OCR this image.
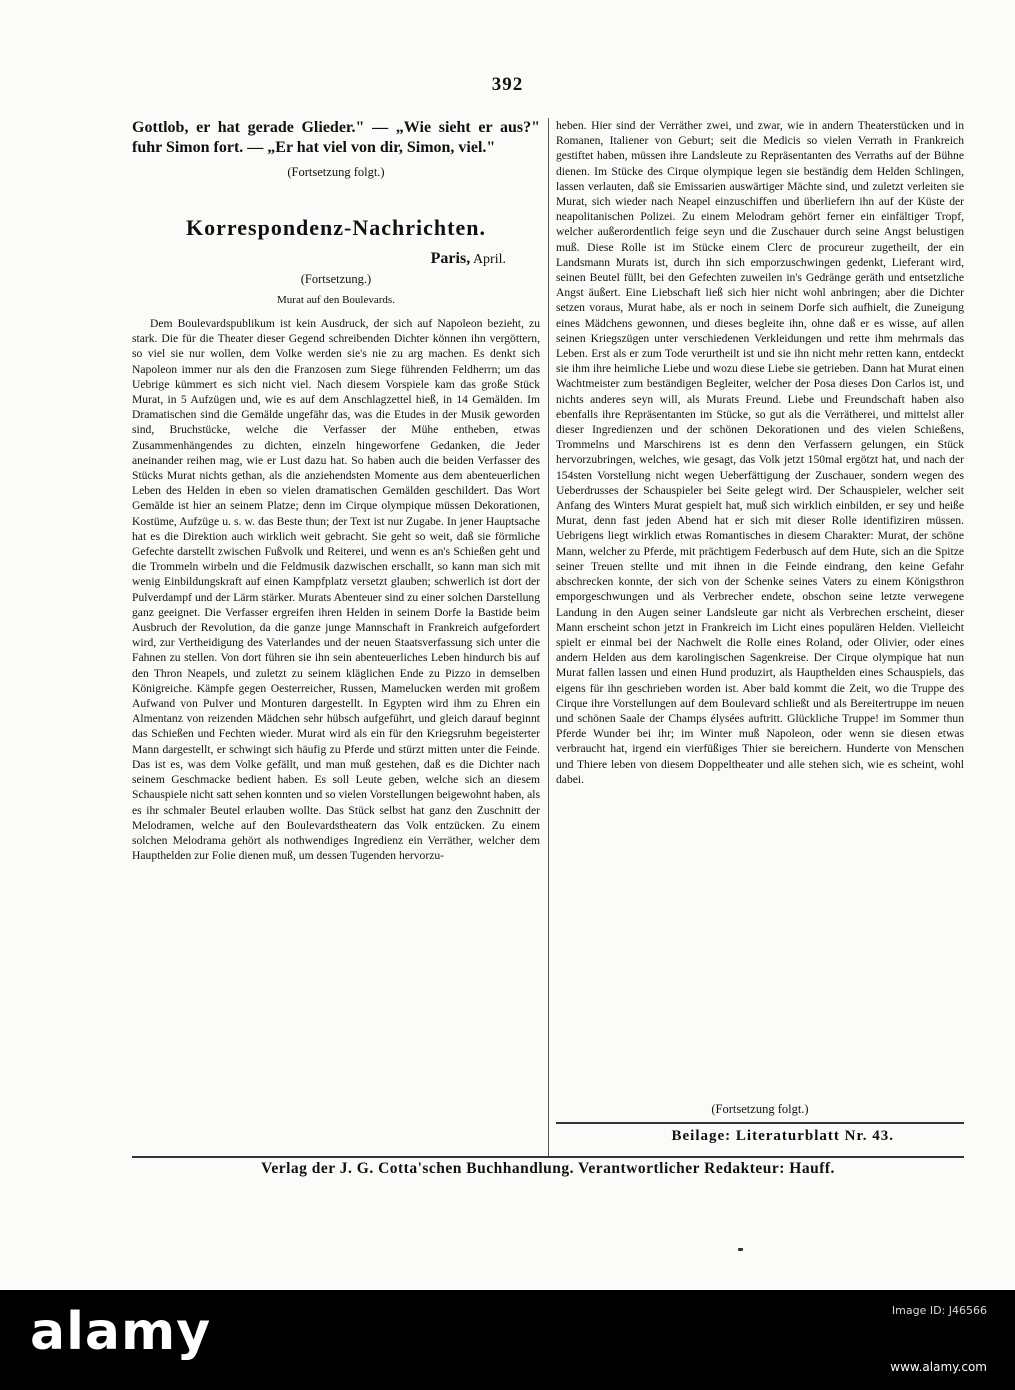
392
Gottlob, er hat gerade Glieder." — „Wie sieht er aus?" fuhr Simon fort. — „Er hat viel von dir, Simon, viel."
(Fortsetzung folgt.)
Korrespondenz-Nachrichten.
Paris, April.
(Fortsetzung.)
Murat auf den Boulevards.
Dem Boulevardspublikum ist kein Ausdruck, der sich auf Napoleon bezieht, zu stark. Die für die Theater dieser Gegend schreibenden Dichter können ihn vergöttern, so viel sie nur wollen, dem Volke werden sie's nie zu arg machen. Es denkt sich Napoleon immer nur als den die Franzosen zum Siege führenden Feldherrn; um das Uebrige kümmert es sich nicht viel. Nach diesem Vorspiele kam das große Stück Murat, in 5 Aufzügen und, wie es auf dem Anschlagzettel hieß, in 14 Gemälden. Im Dramatischen sind die Gemälde ungefähr das, was die Etudes in der Musik geworden sind, Bruchstücke, welche die Verfasser der Mühe entheben, etwas Zusammenhängendes zu dichten, einzeln hingeworfene Gedanken, die Jeder aneinander reihen mag, wie er Lust dazu hat. So haben auch die beiden Verfasser des Stücks Murat nichts gethan, als die anziehendsten Momente aus dem abenteuerlichen Leben des Helden in eben so vielen dramatischen Gemälden geschildert. Das Wort Gemälde ist hier an seinem Platze; denn im Cirque olympique müssen Dekorationen, Kostüme, Aufzüge u. s. w. das Beste thun; der Text ist nur Zugabe. In jener Hauptsache hat es die Direktion auch wirklich weit gebracht. Sie geht so weit, daß sie förmliche Gefechte darstellt zwischen Fußvolk und Reiterei, und wenn es an's Schießen geht und die Trommeln wirbeln und die Feldmusik dazwischen erschallt, so kann man sich mit wenig Einbildungskraft auf einen Kampfplatz versetzt glauben; schwerlich ist dort der Pulverdampf und der Lärm stärker. Murats Abenteuer sind zu einer solchen Darstellung ganz geeignet. Die Verfasser ergreifen ihren Helden in seinem Dorfe la Bastide beim Ausbruch der Revolution, da die ganze junge Mannschaft in Frankreich aufgefordert wird, zur Vertheidigung des Vaterlandes und der neuen Staatsverfassung sich unter die Fahnen zu stellen. Von dort führen sie ihn sein abenteuerliches Leben hindurch bis auf den Thron Neapels, und zuletzt zu seinem kläglichen Ende zu Pizzo in demselben Königreiche. Kämpfe gegen Oesterreicher, Russen, Mamelucken werden mit großem Aufwand von Pulver und Monturen dargestellt. In Egypten wird ihm zu Ehren ein Almentanz von reizenden Mädchen sehr hübsch aufgeführt, und gleich darauf beginnt das Schießen und Fechten wieder. Murat wird als ein für den Kriegsruhm begeisterter Mann dargestellt, er schwingt sich häufig zu Pferde und stürzt mitten unter die Feinde. Das ist es, was dem Volke gefällt, und man muß gestehen, daß es die Dichter nach seinem Geschmacke bedient haben. Es soll Leute geben, welche sich an diesem Schauspiele nicht satt sehen konnten und so vielen Vorstellungen beigewohnt haben, als es ihr schmaler Beutel erlauben wollte. Das Stück selbst hat ganz den Zuschnitt der Melodramen, welche auf den Boulevardstheatern das Volk entzücken. Zu einem solchen Melodrama gehört als nothwendiges Ingredienz ein Verräther, welcher dem Haupthelden zur Folie dienen muß, um dessen Tugenden hervorzu-
heben. Hier sind der Verräther zwei, und zwar, wie in andern Theaterstücken und in Romanen, Italiener von Geburt; seit die Medicis so vielen Verrath in Frankreich gestiftet haben, müssen ihre Landsleute zu Repräsentanten des Verraths auf der Bühne dienen. Im Stücke des Cirque olympique legen sie beständig dem Helden Schlingen, lassen verlauten, daß sie Emissarien auswärtiger Mächte sind, und zuletzt verleiten sie Murat, sich wieder nach Neapel einzuschiffen und überliefern ihn auf der Küste der neapolitanischen Polizei. Zu einem Melodram gehört ferner ein einfältiger Tropf, welcher außerordentlich feige seyn und die Zuschauer durch seine Angst belustigen muß. Diese Rolle ist im Stücke einem Clerc de procureur zugetheilt, der ein Landsmann Murats ist, durch ihn sich emporzuschwingen gedenkt, Lieferant wird, seinen Beutel füllt, bei den Gefechten zuweilen in's Gedränge geräth und entsetzliche Angst äußert. Eine Liebschaft ließ sich hier nicht wohl anbringen; aber die Dichter setzen voraus, Murat habe, als er noch in seinem Dorfe sich aufhielt, die Zuneigung eines Mädchens gewonnen, und dieses begleite ihn, ohne daß er es wisse, auf allen seinen Kriegszügen unter verschiedenen Verkleidungen und rette ihm mehrmals das Leben. Erst als er zum Tode verurtheilt ist und sie ihn nicht mehr retten kann, entdeckt sie ihm ihre heimliche Liebe und wozu diese Liebe sie getrieben. Dann hat Murat einen Wachtmeister zum beständigen Begleiter, welcher der Posa dieses Don Carlos ist, und nichts anderes seyn will, als Murats Freund. Liebe und Freundschaft haben also ebenfalls ihre Repräsentanten im Stücke, so gut als die Verrätherei, und mittelst aller dieser Ingredienzen und der schönen Dekorationen und des vielen Schießens, Trommelns und Marschirens ist es denn den Verfassern gelungen, ein Stück hervorzubringen, welches, wie gesagt, das Volk jetzt 150mal ergötzt hat, und nach der 154sten Vorstellung nicht wegen Ueberfättigung der Zuschauer, sondern wegen des Ueberdrusses der Schauspieler bei Seite gelegt wird. Der Schauspieler, welcher seit Anfang des Winters Murat gespielt hat, muß sich wirklich einbilden, er sey und heiße Murat, denn fast jeden Abend hat er sich mit dieser Rolle identifiziren müssen. Uebrigens liegt wirklich etwas Romantisches in diesem Charakter: Murat, der schöne Mann, welcher zu Pferde, mit prächtigem Federbusch auf dem Hute, sich an die Spitze seiner Treuen stellte und mit ihnen in die Feinde eindrang, den keine Gefahr abschrecken konnte, der sich von der Schenke seines Vaters zu einem Königsthron emporgeschwungen und als Verbrecher endete, obschon seine letzte verwegene Landung in den Augen seiner Landsleute gar nicht als Verbrechen erscheint, dieser Mann erscheint schon jetzt in Frankreich im Licht eines populären Helden. Vielleicht spielt er einmal bei der Nachwelt die Rolle eines Roland, oder Olivier, oder eines andern Helden aus dem karolingischen Sagenkreise. Der Cirque olympique hat nun Murat fallen lassen und einen Hund produzirt, als Haupthelden eines Schauspiels, das eigens für ihn geschrieben worden ist. Aber bald kommt die Zeit, wo die Truppe des Cirque ihre Vorstellungen auf dem Boulevard schließt und als Bereitertruppe im neuen und schönen Saale der Champs élysées auftritt. Glückliche Truppe! im Sommer thun Pferde Wunder bei ihr; im Winter muß Napoleon, oder wenn sie diesen etwas verbraucht hat, irgend ein vierfüßiges Thier sie bereichern. Hunderte von Menschen und Thiere leben von diesem Doppeltheater und alle stehen sich, wie es scheint, wohl dabei.
(Fortsetzung folgt.)
Beilage: Literaturblatt Nr. 43.
Verlag der J. G. Cotta'schen Buchhandlung. Verantwortlicher Redakteur: Hauff.
alamy	Image ID: J46566
www.alamy.com
